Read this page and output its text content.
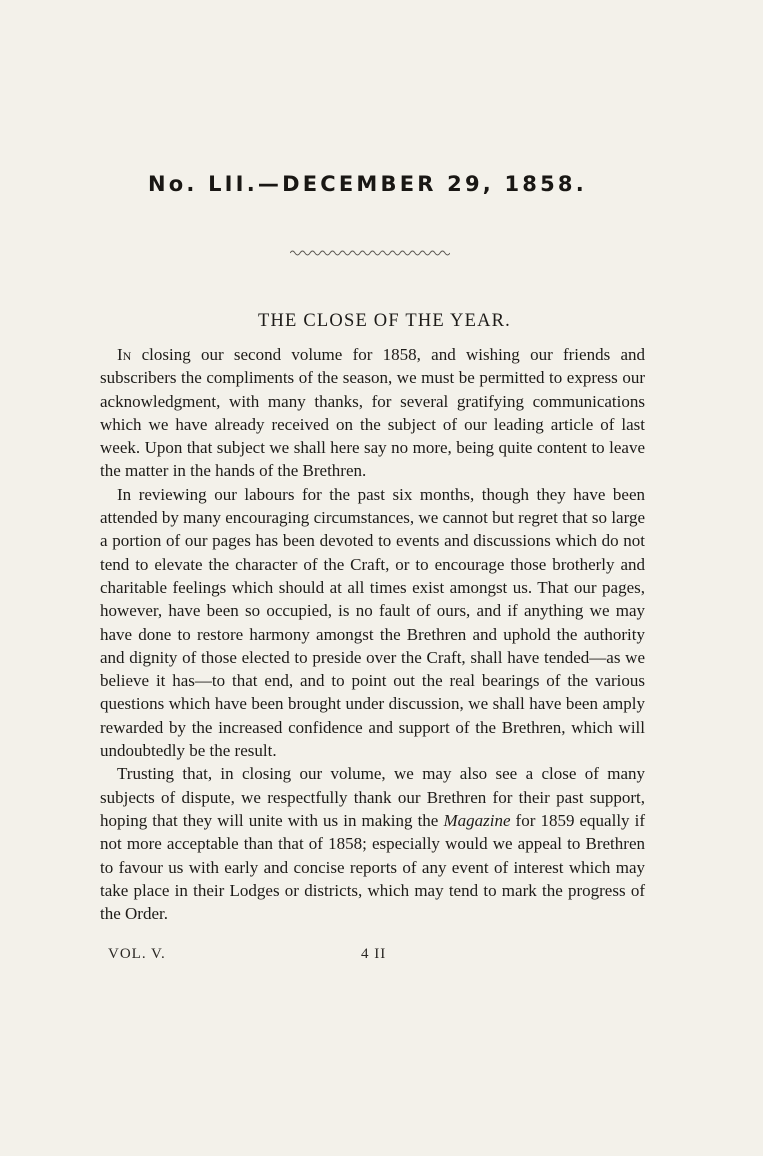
No. LII.—DECEMBER 29, 1858.
THE CLOSE OF THE YEAR.

In closing our second volume for 1858, and wishing our friends and subscribers the compliments of the season, we must be permitted to express our acknowledgment, with many thanks, for several gratifying communications which we have already received on the subject of our leading article of last week. Upon that subject we shall here say no more, being quite content to leave the matter in the hands of the Brethren.

In reviewing our labours for the past six months, though they have been attended by many encouraging circumstances, we cannot but regret that so large a portion of our pages has been devoted to events and discussions which do not tend to elevate the character of the Craft, or to encourage those brotherly and charitable feelings which should at all times exist amongst us. That our pages, however, have been so occupied, is no fault of ours, and if anything we may have done to restore harmony amongst the Brethren and uphold the authority and dignity of those elected to preside over the Craft, shall have tended—as we believe it has—to that end, and to point out the real bearings of the various questions which have been brought under discussion, we shall have been amply rewarded by the increased confidence and support of the Brethren, which will undoubtedly be the result.

Trusting that, in closing our volume, we may also see a close of many subjects of dispute, we respectfully thank our Brethren for their past support, hoping that they will unite with us in making the Magazine for 1859 equally if not more acceptable than that of 1858; especially would we appeal to Brethren to favour us with early and concise reports of any event of interest which may take place in their Lodges or districts, which may tend to mark the progress of the Order.

VOL. V.	4 II
